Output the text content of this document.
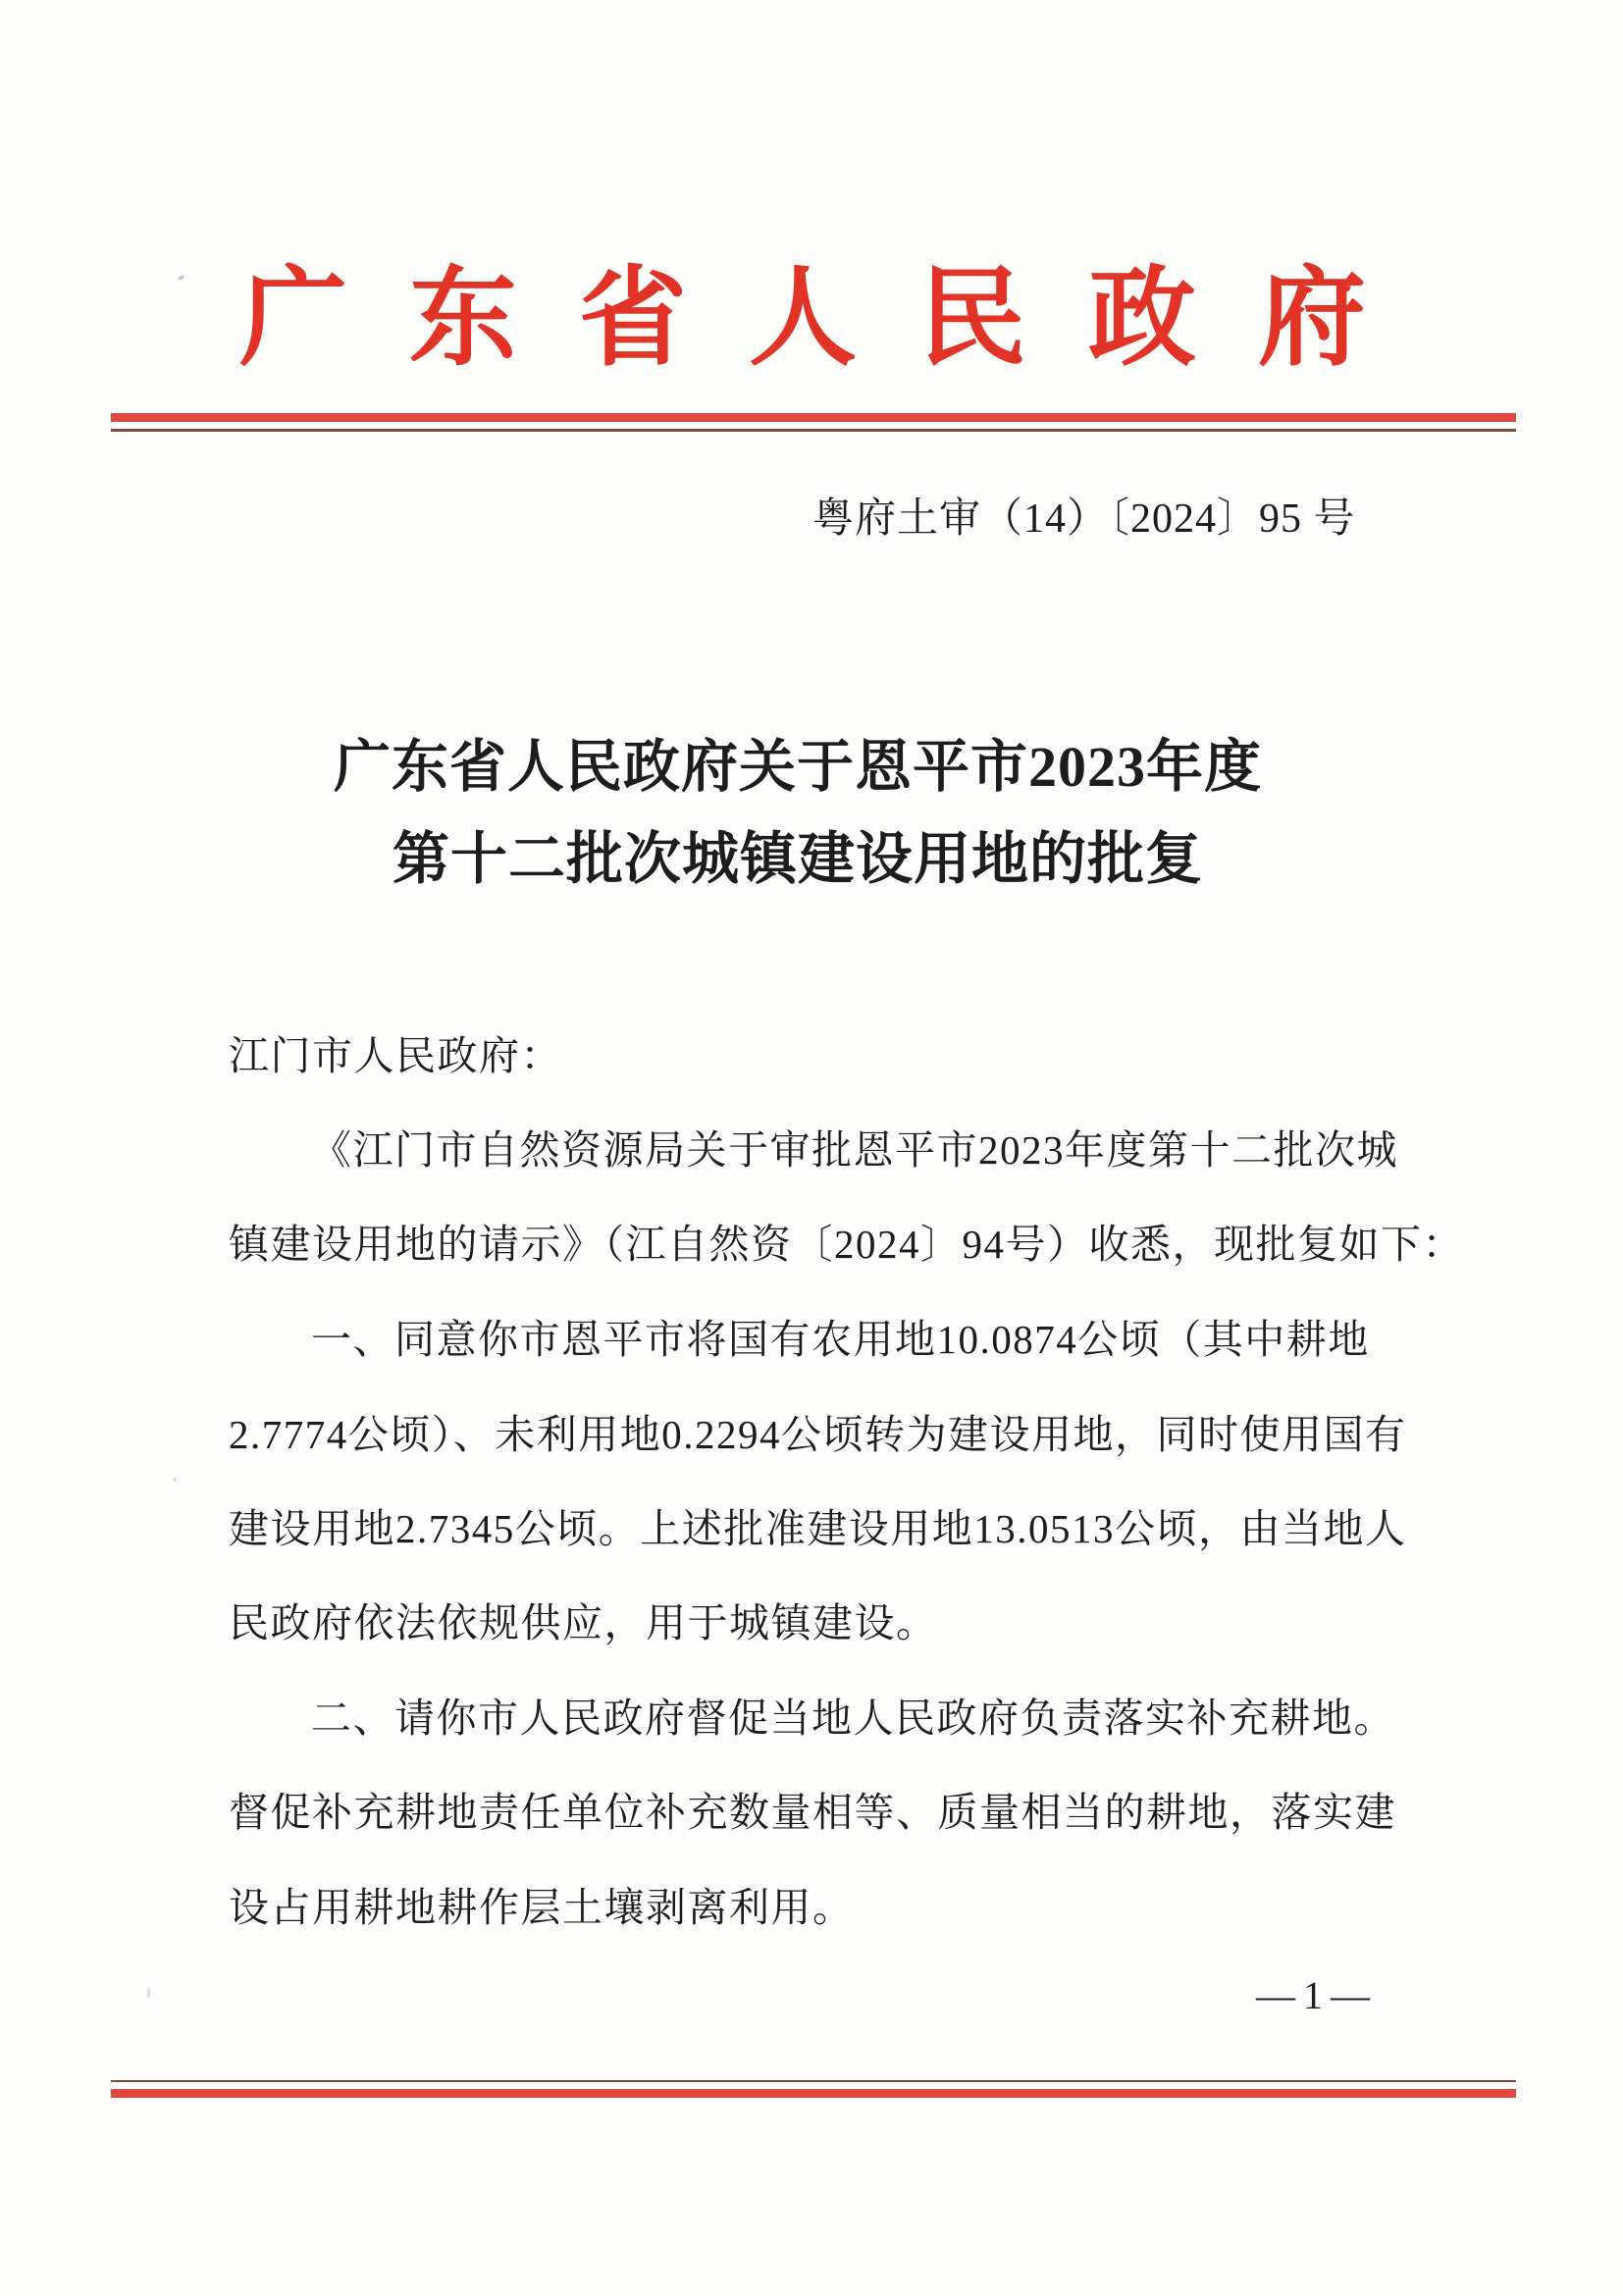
广东省人民政府
粤府土审（14）〔2024〕95 号
广东省人民政府关于恩平市2023年度
第十二批次城镇建设用地的批复
江门市人民政府：
《江门市自然资源局关于审批恩平市2023年度第十二批次城
镇建设用地的请示》（江自然资〔2024〕94号）收悉，现批复如下：
一、同意你市恩平市将国有农用地10.0874公顷（其中耕地
2.7774公顷）、未利用地0.2294公顷转为建设用地，同时使用国有
建设用地2.7345公顷。上述批准建设用地13.0513公顷，由当地人
民政府依法依规供应，用于城镇建设。
二、请你市人民政府督促当地人民政府负责落实补充耕地。
督促补充耕地责任单位补充数量相等、质量相当的耕地，落实建
设占用耕地耕作层土壤剥离利用。
—1—
